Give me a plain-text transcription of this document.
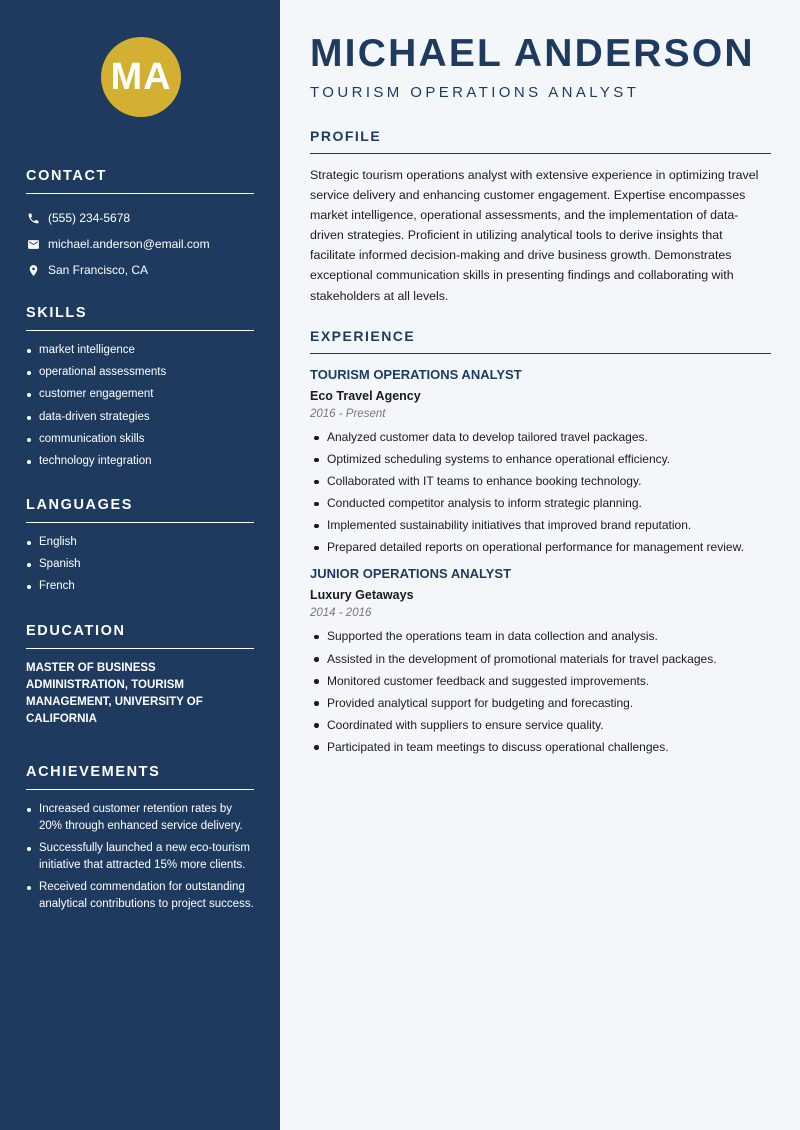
MA
CONTACT
(555) 234-5678
michael.anderson@email.com
San Francisco, CA
SKILLS
market intelligence
operational assessments
customer engagement
data-driven strategies
communication skills
technology integration
LANGUAGES
English
Spanish
French
EDUCATION
MASTER OF BUSINESS ADMINISTRATION, TOURISM MANAGEMENT, UNIVERSITY OF CALIFORNIA
ACHIEVEMENTS
Increased customer retention rates by 20% through enhanced service delivery.
Successfully launched a new eco-tourism initiative that attracted 15% more clients.
Received commendation for outstanding analytical contributions to project success.
MICHAEL ANDERSON
TOURISM OPERATIONS ANALYST
PROFILE

Strategic tourism operations analyst with extensive experience in optimizing travel service delivery and enhancing customer engagement. Expertise encompasses market intelligence, operational assessments, and the implementation of data-driven strategies. Proficient in utilizing analytical tools to derive insights that facilitate informed decision-making and drive business growth. Demonstrates exceptional communication skills in presenting findings and collaborating with stakeholders at all levels.

EXPERIENCE
TOURISM OPERATIONS ANALYST
Eco Travel Agency
2016 - Present
Analyzed customer data to develop tailored travel packages.
Optimized scheduling systems to enhance operational efficiency.
Collaborated with IT teams to enhance booking technology.
Conducted competitor analysis to inform strategic planning.
Implemented sustainability initiatives that improved brand reputation.
Prepared detailed reports on operational performance for management review.
JUNIOR OPERATIONS ANALYST
Luxury Getaways
2014 - 2016
Supported the operations team in data collection and analysis.
Assisted in the development of promotional materials for travel packages.
Monitored customer feedback and suggested improvements.
Provided analytical support for budgeting and forecasting.
Coordinated with suppliers to ensure service quality.
Participated in team meetings to discuss operational challenges.
